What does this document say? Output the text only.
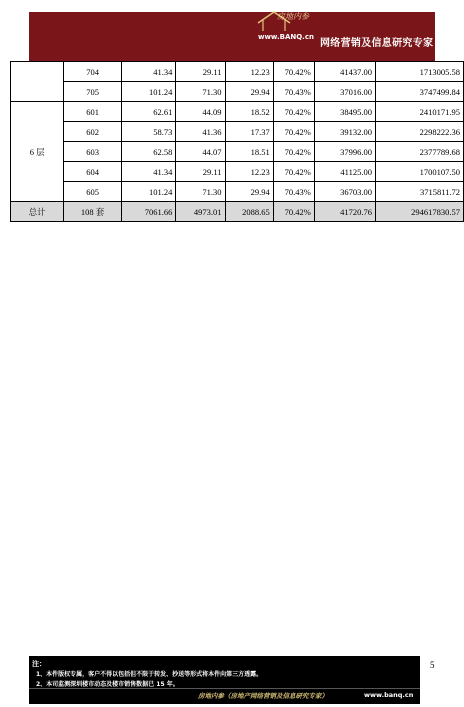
房地内参
www.BANQ.cn
网络营销及信息研究专家
	704	41.34	29.11	12.23	70.42%	41437.00	1713005.58
	705	101.24	71.30	29.94	70.43%	37016.00	3747499.84
6 层	601	62.61	44.09	18.52	70.42%	38495.00	2410171.95
	602	58.73	41.36	17.37	70.42%	39132.00	2298222.36
	603	62.58	44.07	18.51	70.42%	37996.00	2377789.68
	604	41.34	29.11	12.23	70.42%	41125.00	1700107.50
	605	101.24	71.30	29.94	70.43%	36703.00	3715811.72
总计	108 套	7061.66	4973.01	2088.65	70.42%	41720.76	294617830.57
注：
1、本件版权专属，客户不得以包括但不限于转发、抄送等形式将本件向第三方透露。
2、本司监测深圳楼市动态及楼市销售数据已 15 年。
房地内参（房地产网络营销及信息研究专家）	www.banq.cn
5
